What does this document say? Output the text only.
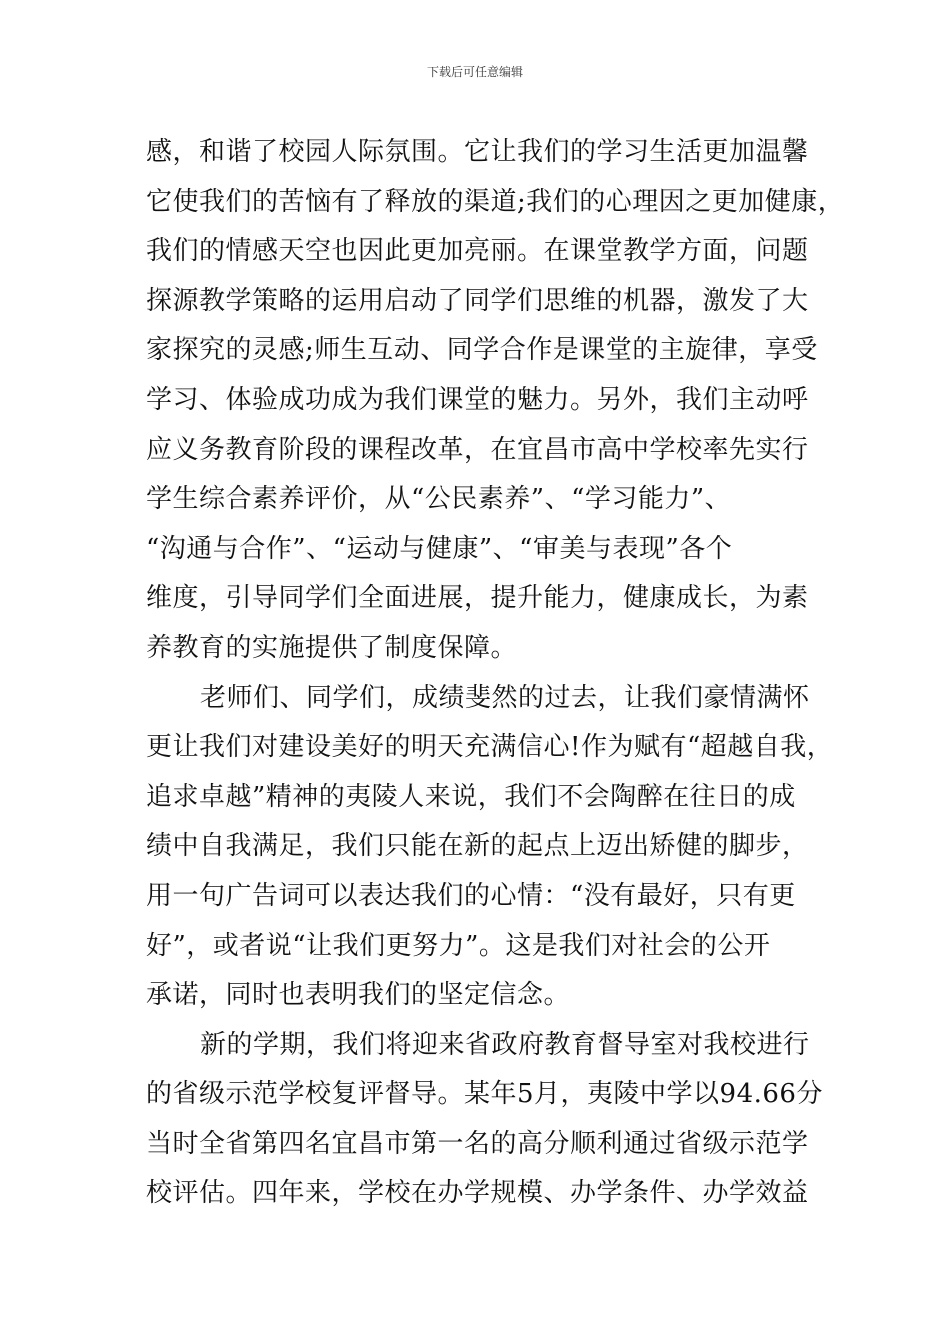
下载后可任意编辑
感，和谐了校园人际氛围。它让我们的学习生活更加温馨
它使我们的苦恼有了释放的渠道;我们的心理因之更加健康，
我们的情感天空也因此更加亮丽。在课堂教学方面，问题
探源教学策略的运用启动了同学们思维的机器，激发了大
家探究的灵感;师生互动、同学合作是课堂的主旋律，享受
学习、体验成功成为我们课堂的魅力。另外，我们主动呼
应义务教育阶段的课程改革，在宜昌市高中学校率先实行
学生综合素养评价，从“公民素养”、“学习能力”、
“沟通与合作”、“运动与健康”、“审美与表现”各个
维度，引导同学们全面进展，提升能力，健康成长，为素
养教育的实施提供了制度保障。
老师们、同学们，成绩斐然的过去，让我们豪情满怀
更让我们对建设美好的明天充满信心!作为赋有“超越自我，
追求卓越”精神的夷陵人来说，我们不会陶醉在往日的成
绩中自我满足，我们只能在新的起点上迈出矫健的脚步，
用一句广告词可以表达我们的心情：“没有最好，只有更
好”，或者说“让我们更努力”。这是我们对社会的公开
承诺，同时也表明我们的坚定信念。
新的学期，我们将迎来省政府教育督导室对我校进行
的省级示范学校复评督导。某年5月，夷陵中学以94.66分
当时全省第四名宜昌市第一名的高分顺利通过省级示范学
校评估。四年来，学校在办学规模、办学条件、办学效益
